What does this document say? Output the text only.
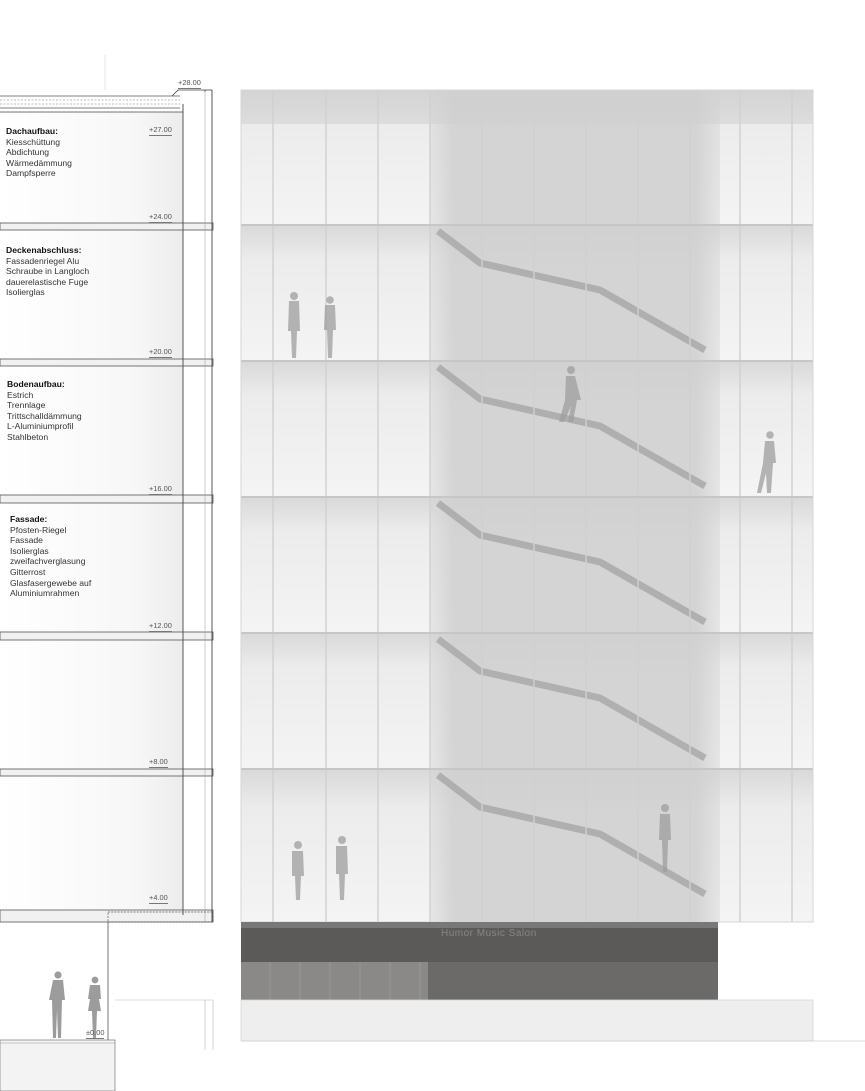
+28.00
+27.00
+24.00
+20.00
+16.00
+12.00
+8.00
+4.00
±0.00
Dachaufbau:
Kiesschüttung
Abdichtung
Wärmedämmung
Dampfsperre
Deckenabschluss:
Fassadenriegel Alu
Schraube in Langloch
dauerelastische Fuge
Isolierglas
Bodenaufbau:
Estrich
Trennlage
Trittschalldämmung
L-Aluminiumprofil
Stahlbeton
Fassade:
Pfosten-Riegel
Fassade
Isolierglas
zweifachverglasung
Gitterrost
Glasfasergewebe auf
Aluminiumrahmen
Humor Music Salon
